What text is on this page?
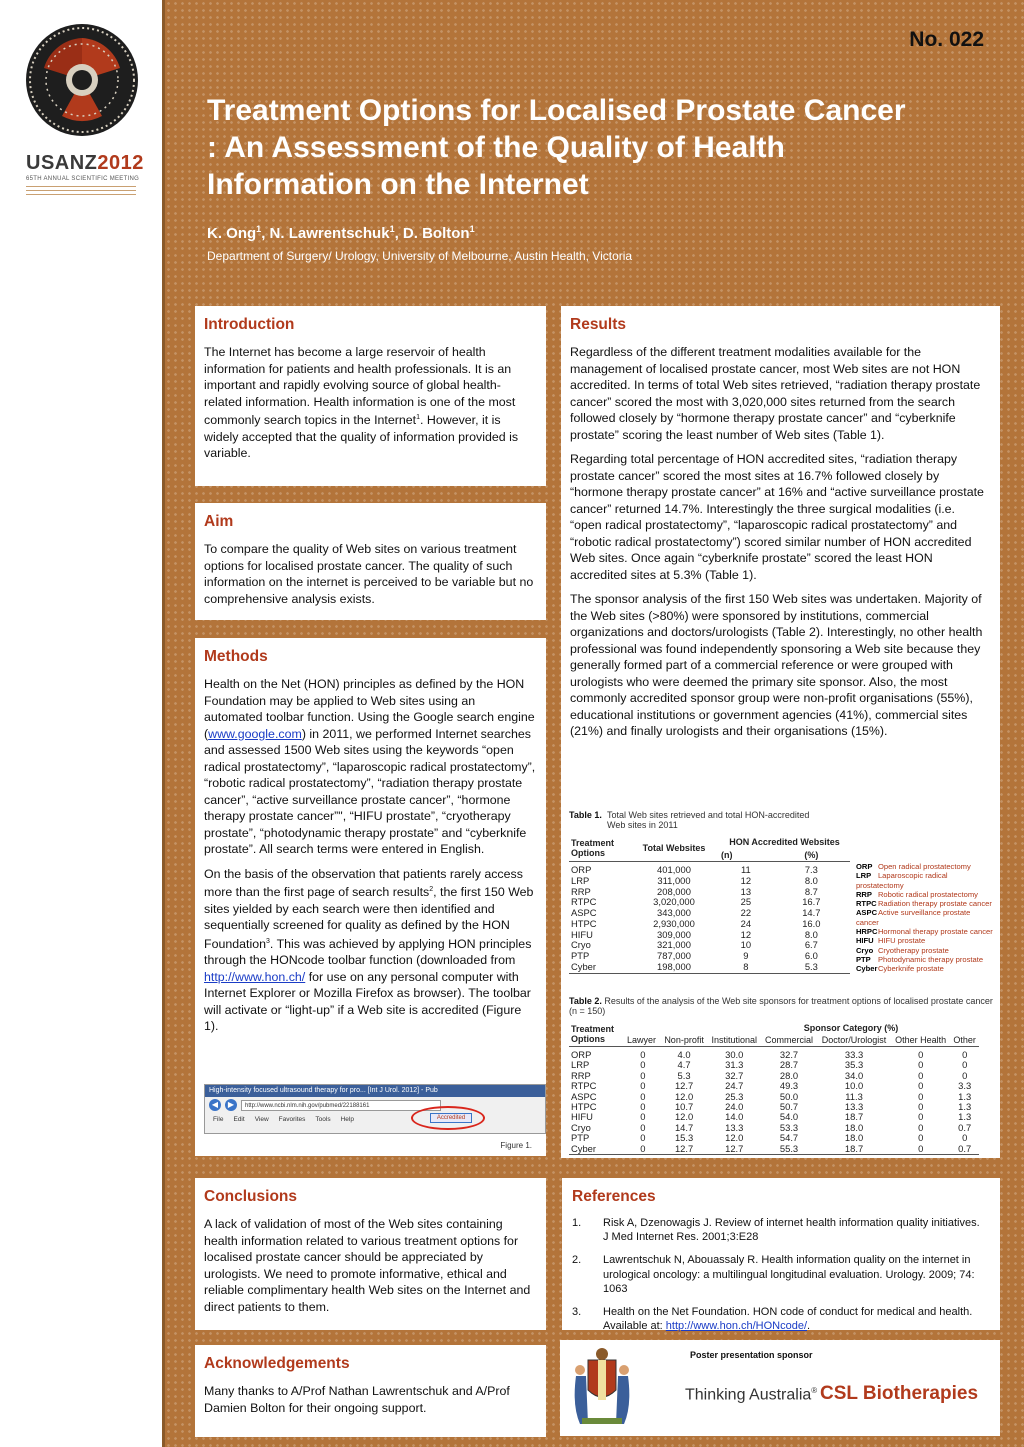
USANZ2012
65TH ANNUAL SCIENTIFIC MEETING
No. 022
Treatment Options for Localised Prostate Cancer : An Assessment of the Quality of Health Information on the Internet
K. Ong$^1$, N. Lawrentschuk$^1$, D. Bolton$^1$
Department of Surgery/ Urology, University of Melbourne, Austin Health, Victoria
Introduction

The Internet has become a large reservoir of health information for patients and health professionals. It is an important and rapidly evolving source of global health-related information. Health information is one of the most commonly search topics in the Internet$^1$. However, it is widely accepted that the quality of information provided is variable.

Aim

To compare the quality of Web sites on various treatment options for localised prostate cancer. The quality of such information on the internet is perceived to be variable but no comprehensive analysis exists.

Methods

Health on the Net (HON) principles as defined by the HON Foundation may be applied to Web sites using an automated toolbar function. Using the Google search engine (www.google.com) in 2011, we performed Internet searches and assessed 1500 Web sites using the keywords “open radical prostatectomy”, “laparoscopic radical prostatectomy”, “robotic radical prostatectomy”, “radiation therapy prostate cancer”, “active surveillance prostate cancer”, “hormone therapy prostate cancer”", “HIFU prostate”, “cryotherapy prostate”, “photodynamic therapy prostate” and “cyberknife prostate”. All search terms were entered in English.

On the basis of the observation that patients rarely access more than the first page of search results$^2$, the first 150 Web sites yielded by each search were then identified and sequentially screened for quality as defined by the HON Foundation$^3$. This was achieved by applying HON principles through the HONcode toolbar function (downloaded from http://www.hon.ch/ for use on any personal computer with Internet Explorer or Mozilla Firefox as browser). The toolbar will activate or “light-up” if a Web site is accredited (Figure 1).

Figure 1.
High-intensity focused ultrasound therapy for pro... [Int J Urol. 2012] - Pub
◀	▶	http://www.ncbi.nlm.nih.gov/pubmed/22188161
File Edit View Favorites Tools Help	Accredited
Results

Regardless of the different treatment modalities available for the management of localised prostate cancer, most Web sites are not HON accredited. In terms of total Web sites retrieved, “radiation therapy prostate cancer” scored the most with 3,020,000 sites returned from the search followed closely by “hormone therapy prostate cancer” and “cyberknife prostate” scoring the least number of Web sites (Table 1).

Regarding total percentage of HON accredited sites, “radiation therapy prostate cancer” scored the most sites at 16.7% followed closely by “hormone therapy prostate cancer” at 16% and “active surveillance prostate cancer” returned 14.7%. Interestingly the three surgical modalities (i.e. “open radical prostatectomy”, “laparoscopic radical prostatectomy” and “robotic radical prostatectomy”) scored similar number of HON accredited Web sites. Once again “cyberknife prostate” scored the least HON accredited sites at 5.3% (Table 1).

The sponsor analysis of the first 150 Web sites was undertaken. Majority of the Web sites (>80%) were sponsored by institutions, commercial organizations and doctors/urologists (Table 2). Interestingly, no other health professional was found independently sponsoring a Web site because they generally formed part of a commercial reference or were grouped with urologists who were deemed the primary site sponsor. Also, the most commonly accredited sponsor group were non-profit organisations (55%), educational institutions or government agencies (41%), commercial sites (21%) and finally urologists and their organisations (15%).

Table 1. Total Web sites retrieved and total HON-accredited Web sites in 2011
Treatment Options	Total Websites	HON Accredited Websites	
		(n)	(%)
ORP	401,000	11	7.3
LRP	311,000	12	8.0
RRP	208,000	13	8.7
RTPC	3,020,000	25	16.7
ASPC	343,000	22	14.7
HTPC	2,930,000	24	16.0
HIFU	309,000	12	8.0
Cryo	321,000	10	6.7
PTP	787,000	9	6.0
Cyber	198,000	8	5.3
ORP Open radical prostatectomy
LRP Laparoscopic radical prostatectomy
RRP Robotic radical prostatectomy
RTPCRadiation therapy prostate cancer
ASPCActive surveillance prostate cancer
HRPCHormonal therapy prostate cancer
HIFU HIFU prostate
Cryo Cryotherapy prostate
PTP Photodynamic therapy prostate
CyberCyberknife prostate
Table 2. Results of the analysis of the Web site sponsors for treatment options of localised prostate cancer (n = 150)
Treatment Options	Sponsor Category (%)						
	Lawyer	Non-profit	Institutional	Commercial	Doctor/Urologist	Other Health	Other
ORP	0	4.0	30.0	32.7	33.3	0	0
LRP	0	4.7	31.3	28.7	35.3	0	0
RRP	0	5.3	32.7	28.0	34.0	0	0
RTPC	0	12.7	24.7	49.3	10.0	0	3.3
ASPC	0	12.0	25.3	50.0	11.3	0	1.3
HTPC	0	10.7	24.0	50.7	13.3	0	1.3
HIFU	0	12.0	14.0	54.0	18.7	0	1.3
Cryo	0	14.7	13.3	53.3	18.0	0	0.7
PTP	0	15.3	12.0	54.7	18.0	0	0
Cyber	0	12.7	12.7	55.3	18.7	0	0.7
Conclusions

A lack of validation of most of the Web sites containing health information related to various treatment options for localised prostate cancer should be appreciated by urologists. We need to promote informative, ethical and reliable complimentary health Web sites on the Internet and direct patients to them.

References
1.	Risk A, Dzenowagis J. Review of internet health information quality initiatives. J Med Internet Res. 2001;3:E28
2.	Lawrentschuk N, Abouassaly R. Health information quality on the internet in urological oncology: a multilingual longitudinal evaluation. Urology. 2009; 74: 1063
3.	Health on the Net Foundation. HON code of conduct for medical and health. Available at: http://www.hon.ch/HONcode/.
Acknowledgements

Many thanks to A/Prof Nathan Lawrentschuk and A/Prof Damien Bolton for their ongoing support.

Poster presentation sponsor
Thinking Australia® CSL Biotherapies
